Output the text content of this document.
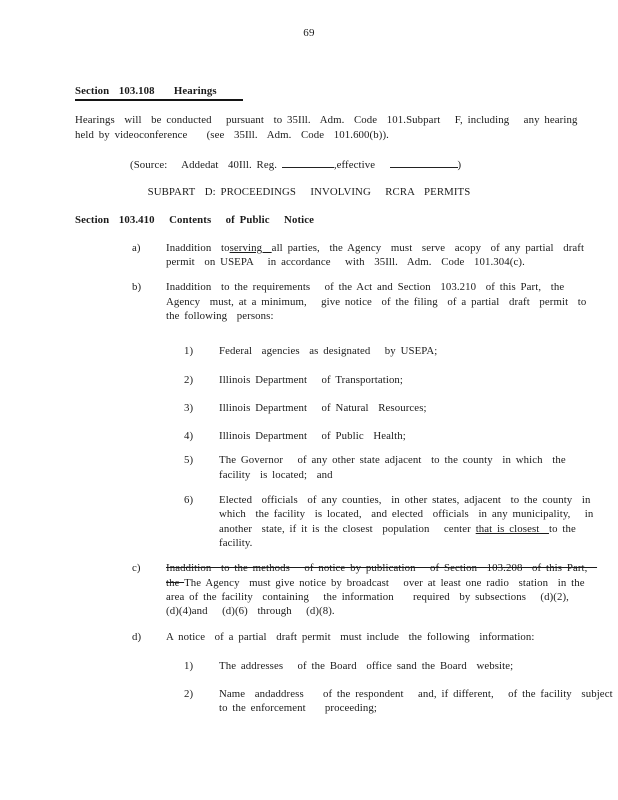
69
Section  103.108    Hearings
Hearings  will  be conducted   pursuant  to 35Ill.  Adm.  Code  101.Subpart   F, including   any hearing
held by videoconference    (see  35Ill.  Adm.  Code  101.600(b)).
(Source:   Addedat  40Ill. Reg.	,effective	)
SUBPART  D: PROCEEDINGS   INVOLVING   RCRA  PERMITS
Section  103.410   Contents   of Public   Notice
a) Inaddition  toserving  all parties,  the Agency  must  serve  acopy  of any partial  draft
permit  on USEPA   in accordance   with  35Ill.  Adm.  Code  101.304(c).
b) Inaddition  to the requirements   of the Act and Section  103.210  of this Part,  the
Agency  must, at a minimum,   give notice  of the filing  of a partial  draft  permit  to
the following  persons:
1) Federal  agencies  as designated   by USEPA;
2) Illinois Department   of Transportation;
3) Illinois Department   of Natural  Resources;
4) Illinois Department   of Public  Health;
5) The Governor   of any other state adjacent  to the county  in which  the
facility  is located;  and
6) Elected  officials  of any counties,  in other states, adjacent  to the county  in
which  the facility  is located,  and elected  officials  in any municipality,   in
another  state, if it is the closest  population   center that is closest  to the
facility.
c) Inaddition  to the methods   of notice by publication   of Section  103.208  of this Part,
the The Agency  must give notice by broadcast   over at least one radio  station  in the
area of the facility  containing   the information    required  by subsections   (d)(2),
(d)(4)and   (d)(6)  through   (d)(8).
d) A notice  of a partial  draft permit  must include  the following  information:
1) The addresses   of the Board  office sand the Board  website;
2) Name  andaddress    of the respondent   and, if different,   of the facility  subject
to the enforcement    proceeding;
